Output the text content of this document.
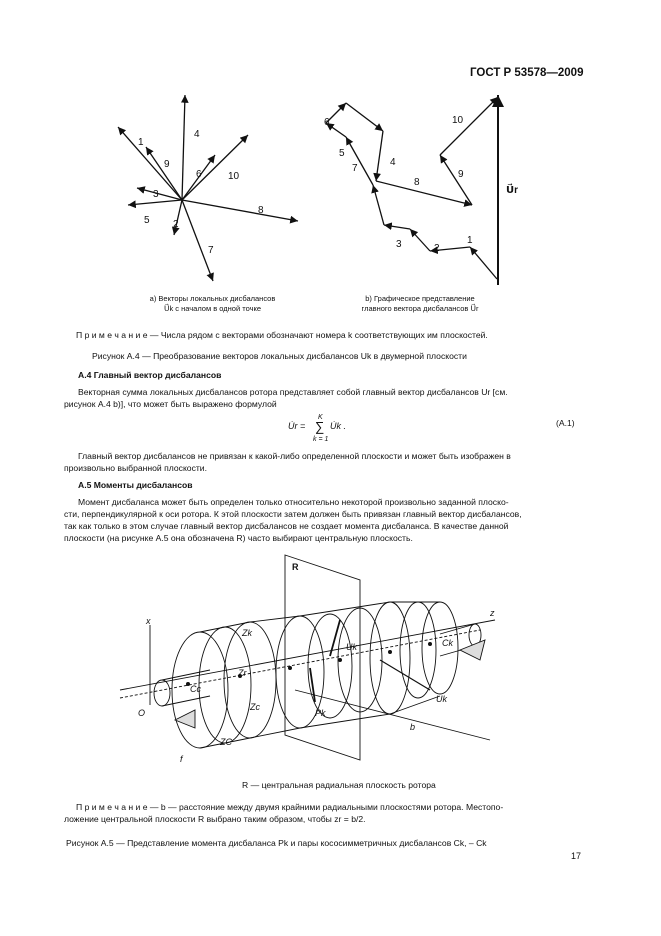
ГОСТ Р 53578—2009
4
1
9
6	10
3
5 2
8
7
6
5
7
4
8
10
9
3	2
1
U⃗r
а) Векторы локальных дисбалансов
U⃗k с началом в одной точке
b) Графическое представление
главного вектора дисбалансов U⃗r
П р и м е ч а н и е — Числа рядом с векторами обозначают номера k соответствующих им плоскостей.
Рисунок А.4 — Преобразование векторов локальных дисбалансов Uk в двумерной плоскости
А.4 Главный вектор дисбалансов
Векторная сумма локальных дисбалансов ротора представляет собой главный вектор дисбалансов Ur [см.
рисунок А.4 b)], что может быть выражено формулой
U̇r =
K
∑
k = 1
U̇k .	(А.1)
Главный вектор дисбалансов не привязан к какой-либо определенной плоскости и может быть изображен в
произвольно выбранной плоскости.
А.5 Моменты дисбалансов
Момент дисбаланса может быть определен только относительно некоторой произвольно заданной плоско-
сти, перпендикулярной к оси ротора. К этой плоскости затем должен быть привязан главный вектор дисбалансов,
так как только в этом случае главный вектор дисбалансов не создает момента дисбаланса. В качестве данной
плоскости (на рисунке А.5 она обозначена R) часто выбирают центральную плоскость.
R
x
O
Zk
Zr
Zc
ZC
Ck
Cc
Uk
Pk
Uk
f
b
z
R — центральная радиальная плоскость ротора
П р и м е ч а н и е — b — расстояние между двумя крайними радиальными плоскостями ротора. Местопо-
ложение центральной плоскости R выбрано таким образом, чтобы zr = b/2.
Рисунок А.5 — Представление момента дисбаланса Pk и пары кососимметричных дисбалансов Ck, – Ck
17
